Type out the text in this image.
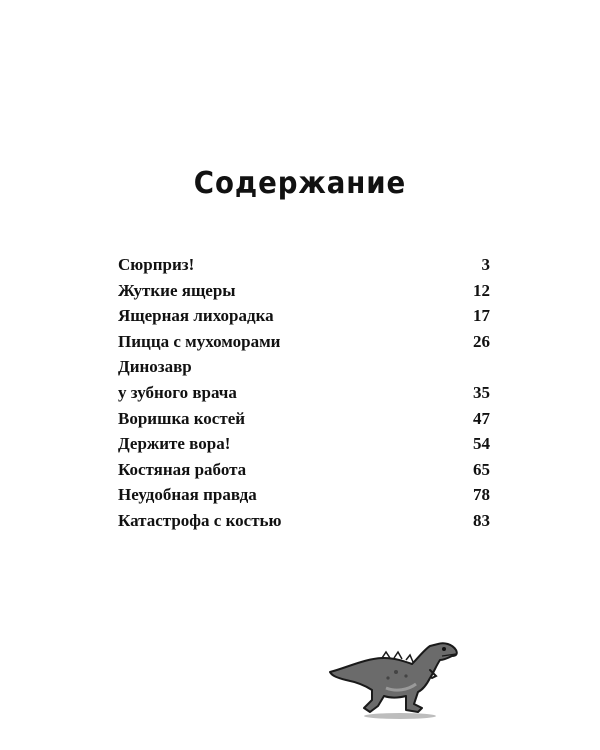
Содержание
Сюрприз!	3
Жуткие ящеры	12
Ящерная лихорадка	17
Пицца с мухоморами	26
Динозавр
у зубного врача	35
Воришка костей	47
Держите вора!	54
Костяная работа	65
Неудобная правда	78
Катастрофа с костью	83
